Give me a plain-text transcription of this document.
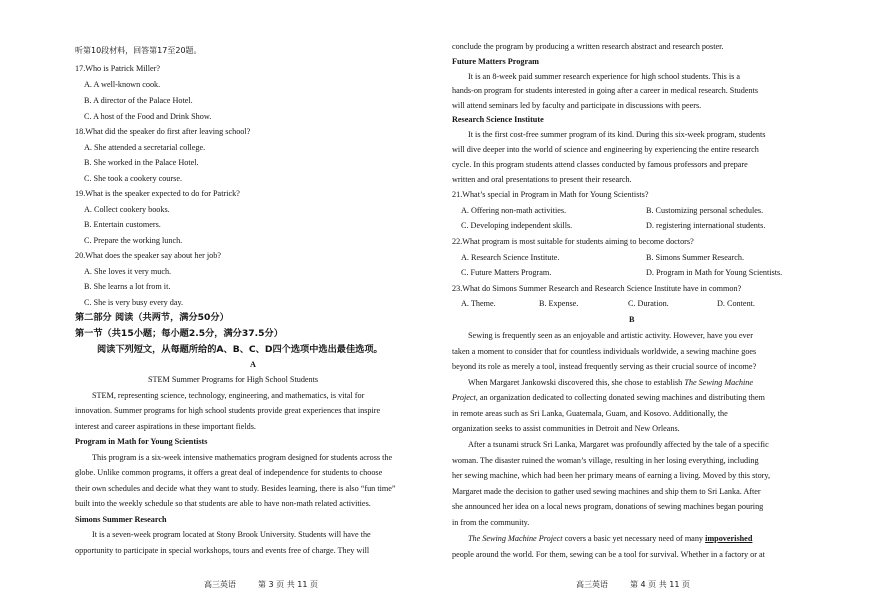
听第10段材料，回答第17至20题。
17.Who is Patrick Miller?
A. A well-known cook.
B. A director of the Palace Hotel.
C. A host of the Food and Drink Show.
18.What did the speaker do first after leaving school?
A. She attended a secretarial college.
B. She worked in the Palace Hotel.
C. She took a cookery course.
19.What is the speaker expected to do for Patrick?
A. Collect cookery books.
B. Entertain customers.
C. Prepare the working lunch.
20.What does the speaker say about her job?
A. She loves it very much.
B. She learns a lot from it.
C. She is very busy every day.
第二部分 阅读（共两节，满分50分）
第一节（共15小题；每小题2.5分，满分37.5分）
阅读下列短文，从每题所给的A、B、C、D四个选项中选出最佳选项。
A
STEM Summer Programs for High School Students
STEM, representing science, technology, engineering, and mathematics, is vital for
innovation. Summer programs for high school students provide great experiences that inspire
interest and career aspirations in these important fields.
Program in Math for Young Scientists
This program is a six-week intensive mathematics program designed for students across the
globe. Unlike common programs, it offers a great deal of independence for students to choose
their own schedules and decide what they want to study. Besides learning, there is also “fun time”
built into the weekly schedule so that students are able to have non-math related activities.
Simons Summer Research
It is a seven-week program located at Stony Brook University. Students will have the
opportunity to participate in special workshops, tours and events free of charge. They will
高三英语	第 3 页 共 11 页
conclude the program by producing a written research abstract and research poster.
Future Matters Program
It is an 8-week paid summer research experience for high school students. This is a
hands-on program for students interested in going after a career in medical research. Students
will attend seminars led by faculty and participate in discussions with peers.
Research Science Institute
It is the first cost-free summer program of its kind. During this six-week program, students
will dive deeper into the world of science and engineering by experiencing the entire research
cycle. In this program students attend classes conducted by famous professors and prepare
written and oral presentations to present their research.
21.What’s special in Program in Math for Young Scientists?
A. Offering non-math activities.	B. Customizing personal schedules.
C. Developing independent skills.	D. registering international students.
22.What program is most suitable for students aiming to become doctors?
A. Research Science Institute.	B. Simons Summer Research.
C. Future Matters Program.	D. Program in Math for Young Scientists.
23.What do Simons Summer Research and Research Science Institute have in common?
A. Theme.	B. Expense.	C. Duration.	D. Content.
B
Sewing is frequently seen as an enjoyable and artistic activity. However, have you ever
taken a moment to consider that for countless individuals worldwide, a sewing machine goes
beyond its role as merely a tool, instead frequently serving as their crucial source of income?
When Margaret Jankowski discovered this, she chose to establish The Sewing Machine
Project, an organization dedicated to collecting donated sewing machines and distributing them
in remote areas such as Sri Lanka, Guatemala, Guam, and Kosovo. Additionally, the
organization seeks to assist communities in Detroit and New Orleans.
After a tsunami struck Sri Lanka, Margaret was profoundly affected by the tale of a specific
woman. The disaster ruined the woman’s village, resulting in her losing everything, including
her sewing machine, which had been her primary means of earning a living. Moved by this story,
Margaret made the decision to gather used sewing machines and ship them to Sri Lanka. After
she announced her idea on a local news program, donations of sewing machines began pouring
in from the community.
The Sewing Machine Project covers a basic yet necessary need of many impoverished
people around the world. For them, sewing can be a tool for survival. Whether in a factory or at
高三英语	第 4 页 共 11 页
